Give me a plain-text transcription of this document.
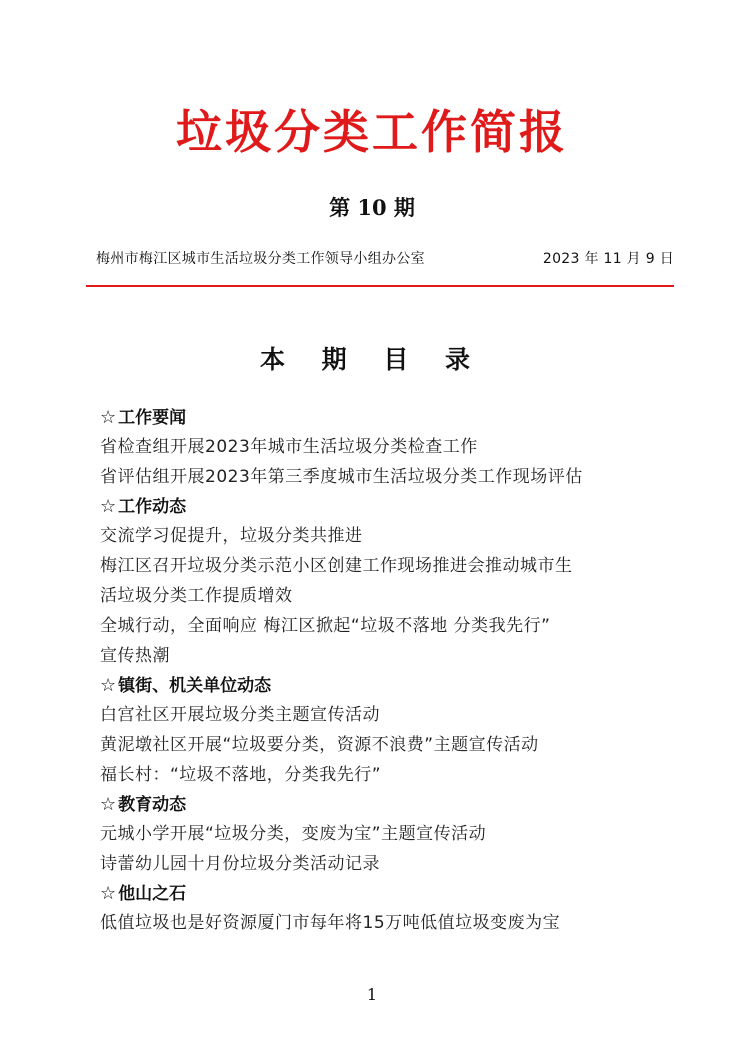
垃圾分类工作简报
第 10 期
梅州市梅江区城市生活垃圾分类工作领导小组办公室	2023 年 11 月 9 日
本 期 目 录
☆ 工作要闻
省检查组开展2023年城市生活垃圾分类检查工作
省评估组开展2023年第三季度城市生活垃圾分类工作现场评估
☆ 工作动态
交流学习促提升，垃圾分类共推进
梅江区召开垃圾分类示范小区创建工作现场推进会推动城市生
活垃圾分类工作提质增效
全城行动，全面响应 梅江区掀起“垃圾不落地 分类我先行”
宣传热潮
☆ 镇街、机关单位动态
白宫社区开展垃圾分类主题宣传活动
黄泥墩社区开展“垃圾要分类，资源不浪费”主题宣传活动
福长村：“垃圾不落地，分类我先行”
☆ 教育动态
元城小学开展“垃圾分类，变废为宝”主题宣传活动
诗蕾幼儿园十月份垃圾分类活动记录
☆ 他山之石
低值垃圾也是好资源厦门市每年将15万吨低值垃圾变废为宝
1
